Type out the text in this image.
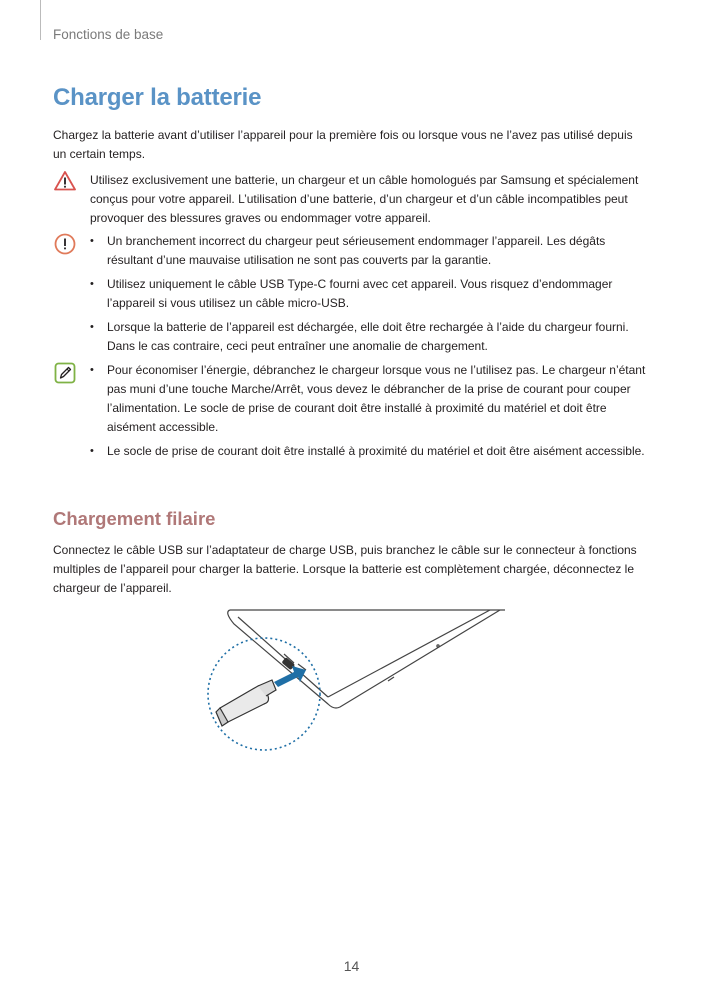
Fonctions de base
Charger la batterie

Chargez la batterie avant d’utiliser l’appareil pour la première fois ou lorsque vous ne l’avez pas utilisé depuis un certain temps.

Utilisez exclusivement une batterie, un chargeur et un câble homologués par Samsung et spécialement conçus pour votre appareil. L’utilisation d’une batterie, d’un chargeur et d’un câble incompatibles peut provoquer des blessures graves ou endommager votre appareil.

• Un branchement incorrect du chargeur peut sérieusement endommager l’appareil. Les dégâts résultant d’une mauvaise utilisation ne sont pas couverts par la garantie.
• Utilisez uniquement le câble USB Type-C fourni avec cet appareil. Vous risquez d’endommager l’appareil si vous utilisez un câble micro-USB.
• Lorsque la batterie de l’appareil est déchargée, elle doit être rechargée à l’aide du chargeur fourni. Dans le cas contraire, ceci peut entraîner une anomalie de chargement.
• Pour économiser l’énergie, débranchez le chargeur lorsque vous ne l’utilisez pas. Le chargeur n’étant pas muni d’une touche Marche/Arrêt, vous devez le débrancher de la prise de courant pour couper l’alimentation. Le socle de prise de courant doit être installé à proximité du matériel et doit être aisément accessible.
• Le socle de prise de courant doit être installé à proximité du matériel et doit être aisément accessible.
Chargement filaire

Connectez le câble USB sur l’adaptateur de charge USB, puis branchez le câble sur le connecteur à fonctions multiples de l’appareil pour charger la batterie. Lorsque la batterie est complètement chargée, déconnectez le chargeur de l’appareil.

14
